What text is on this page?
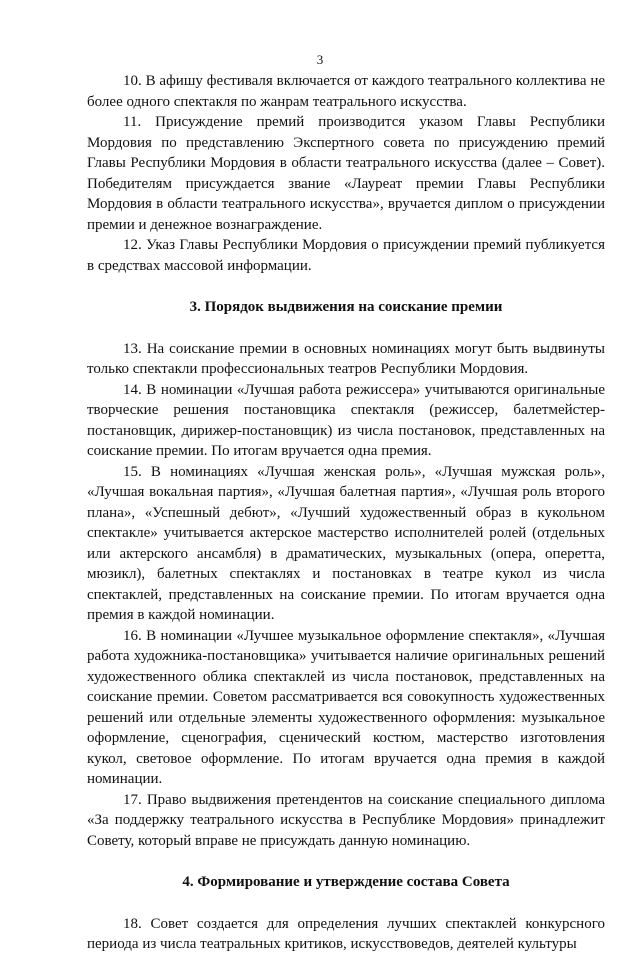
3

10. В афишу фестиваля включается от каждого театрального коллектива не более одного спектакля по жанрам театрального искусства.

11. Присуждение премий производится указом Главы Республики Мордовия по представлению Экспертного совета по присуждению премий Главы Республики Мордовия в области театрального искусства (далее – Совет). Победителям присуждается звание «Лауреат премии Главы Республики Мордовия в области театрального искусства», вручается диплом о присуждении премии и денежное вознаграждение.

12. Указ Главы Республики Мордовия о присуждении премий публикуется в средствах массовой информации.

3. Порядок выдвижения на соискание премии

13. На соискание премии в основных номинациях могут быть выдвинуты только спектакли профессиональных театров Республики Мордовия.

14. В номинации «Лучшая работа режиссера» учитываются оригинальные творческие решения постановщика спектакля (режиссер, балетмейстер-постановщик, дирижер-постановщик) из числа постановок, представленных на соискание премии. По итогам вручается одна премия.

15. В номинациях «Лучшая женская роль», «Лучшая мужская роль», «Лучшая вокальная партия», «Лучшая балетная партия», «Лучшая роль второго плана», «Успешный дебют», «Лучший художественный образ в кукольном спектакле» учитывается актерское мастерство исполнителей ролей (отдельных или актерского ансамбля) в драматических, музыкальных (опера, оперетта, мюзикл), балетных спектаклях и постановках в театре кукол из числа спектаклей, представленных на соискание премии. По итогам вручается одна премия в каждой номинации.

16. В номинации «Лучшее музыкальное оформление спектакля», «Лучшая работа художника-постановщика» учитывается наличие оригинальных решений художественного облика спектаклей из числа постановок, представленных на соискание премии. Советом рассматривается вся совокупность художественных решений или отдельные элементы художественного оформления: музыкальное оформление, сценография, сценический костюм, мастерство изготовления кукол, световое оформление. По итогам вручается одна премия в каждой номинации.

17. Право выдвижения претендентов на соискание специального диплома «За поддержку театрального искусства в Республике Мордовия» принадлежит Совету, который вправе не присуждать данную номинацию.

4. Формирование и утверждение состава Совета

18. Совет создается для определения лучших спектаклей конкурсного периода из числа театральных критиков, искусствоведов, деятелей культуры
